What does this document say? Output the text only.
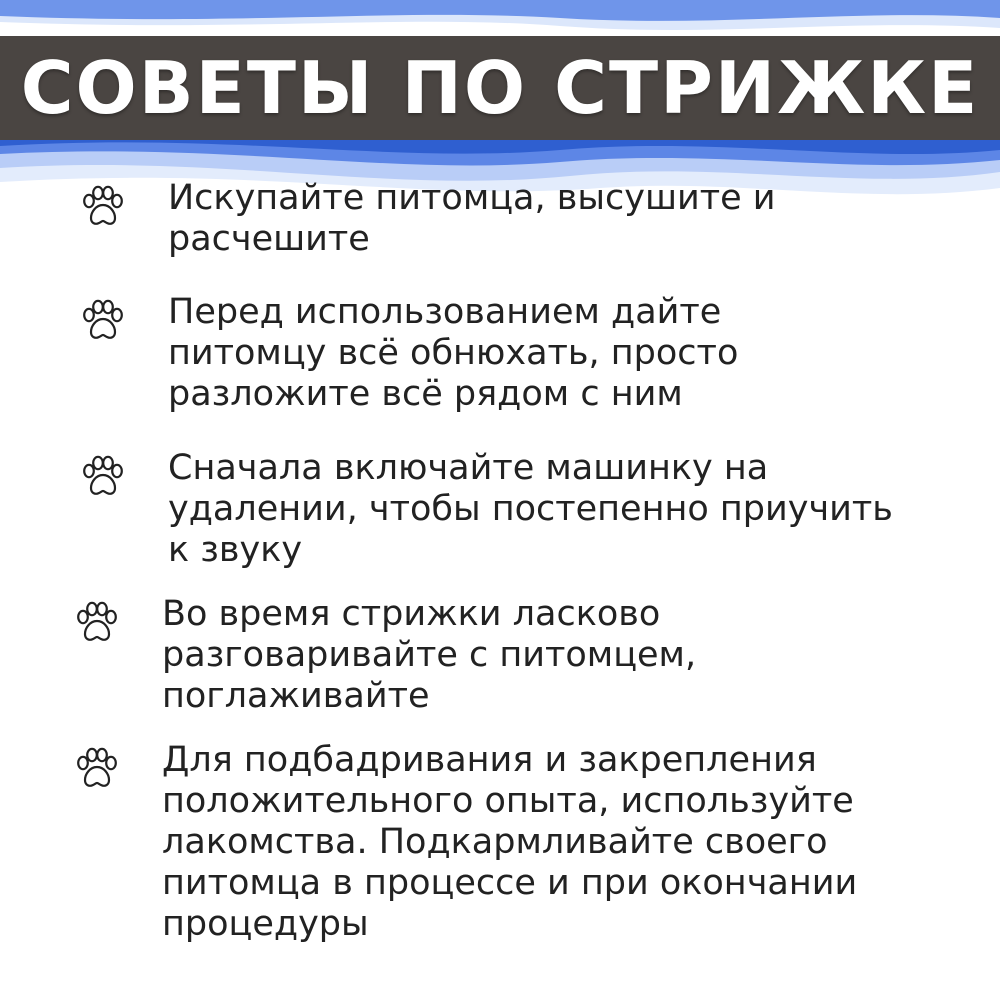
СОВЕТЫ ПО СТРИЖКЕ

Искупайте питомца, высушите и
расчешите

Перед использованием дайте
питомцу всё обнюхать, просто
разложите всё рядом с ним

Сначала включайте машинку на
удалении, чтобы постепенно приучить
к звуку

Во время стрижки ласково
разговаривайте с питомцем,
поглаживайте

Для подбадривания и закрепления
положительного опыта, используйте
лакомства. Подкармливайте своего
питомца в процессе и при окончании
процедуры
